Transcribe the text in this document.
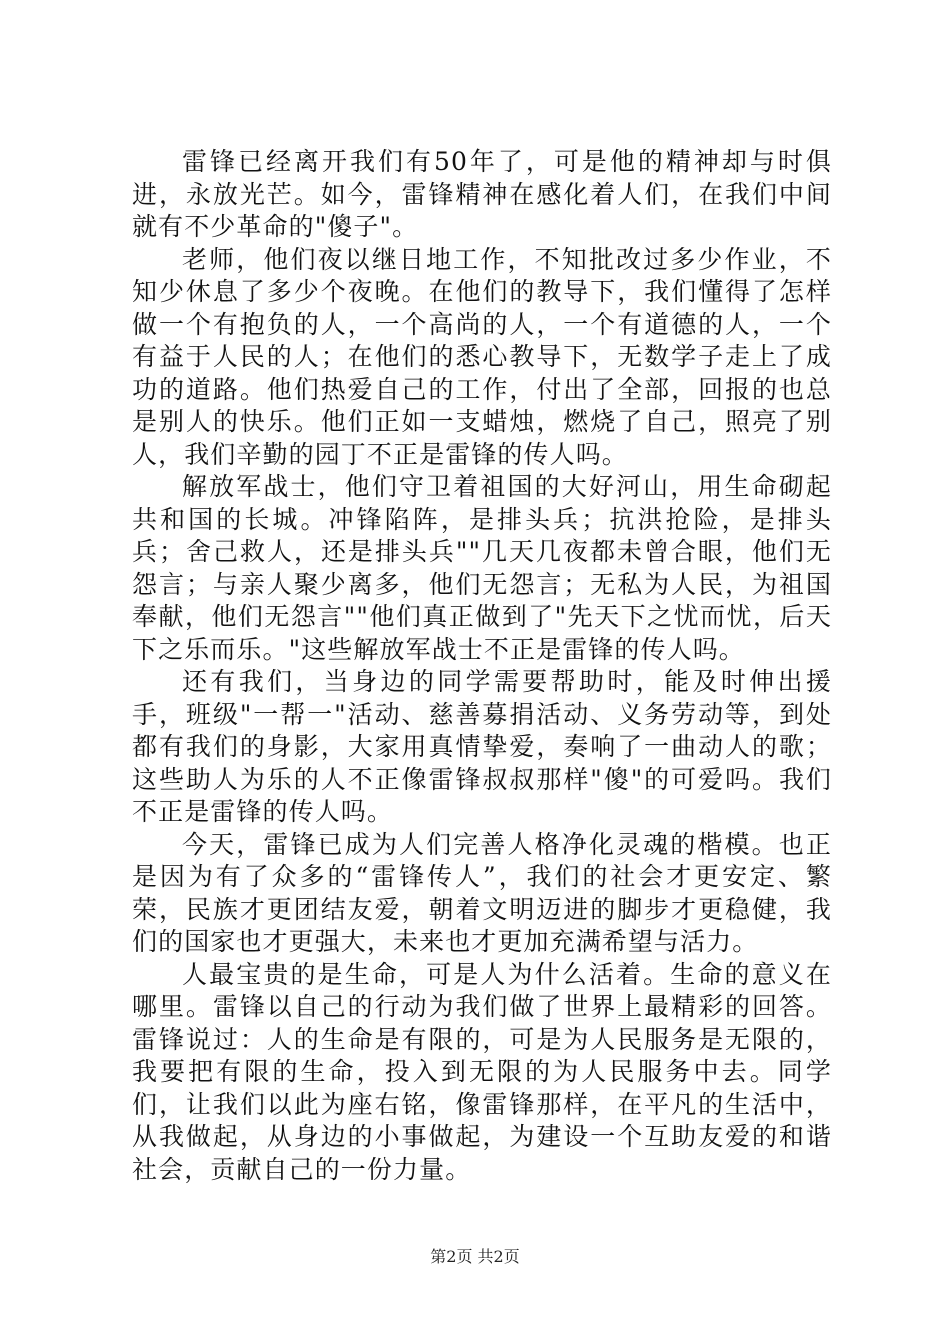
雷锋已经离开我们有50年了，可是他的精神却与时俱进，永放光芒。如今，雷锋精神在感化着人们，在我们中间就有不少革命的"傻子"。

老师，他们夜以继日地工作，不知批改过多少作业，不知少休息了多少个夜晚。在他们的教导下，我们懂得了怎样做一个有抱负的人，一个高尚的人，一个有道德的人，一个有益于人民的人；在他们的悉心教导下，无数学子走上了成功的道路。他们热爱自己的工作，付出了全部，回报的也总是别人的快乐。他们正如一支蜡烛，燃烧了自己，照亮了别人，我们辛勤的园丁不正是雷锋的传人吗。

解放军战士，他们守卫着祖国的大好河山，用生命砌起共和国的长城。冲锋陷阵，是排头兵；抗洪抢险，是排头兵；舍己救人，还是排头兵""几天几夜都未曾合眼，他们无怨言；与亲人聚少离多，他们无怨言；无私为人民，为祖国奉献，他们无怨言""他们真正做到了"先天下之忧而忧，后天下之乐而乐。"这些解放军战士不正是雷锋的传人吗。

还有我们，当身边的同学需要帮助时，能及时伸出援手，班级"一帮一"活动、慈善募捐活动、义务劳动等，到处都有我们的身影，大家用真情挚爱，奏响了一曲动人的歌；这些助人为乐的人不正像雷锋叔叔那样"傻"的可爱吗。我们不正是雷锋的传人吗。

今天，雷锋已成为人们完善人格净化灵魂的楷模。也正是因为有了众多的“雷锋传人”，我们的社会才更安定、繁荣，民族才更团结友爱，朝着文明迈进的脚步才更稳健，我们的国家也才更强大，未来也才更加充满希望与活力。

人最宝贵的是生命，可是人为什么活着。生命的意义在哪里。雷锋以自己的行动为我们做了世界上最精彩的回答。雷锋说过：人的生命是有限的，可是为人民服务是无限的，我要把有限的生命，投入到无限的为人民服务中去。同学们，让我们以此为座右铭，像雷锋那样，在平凡的生活中，从我做起，从身边的小事做起，为建设一个互助友爱的和谐社会，贡献自己的一份力量。

第2页 共2页
